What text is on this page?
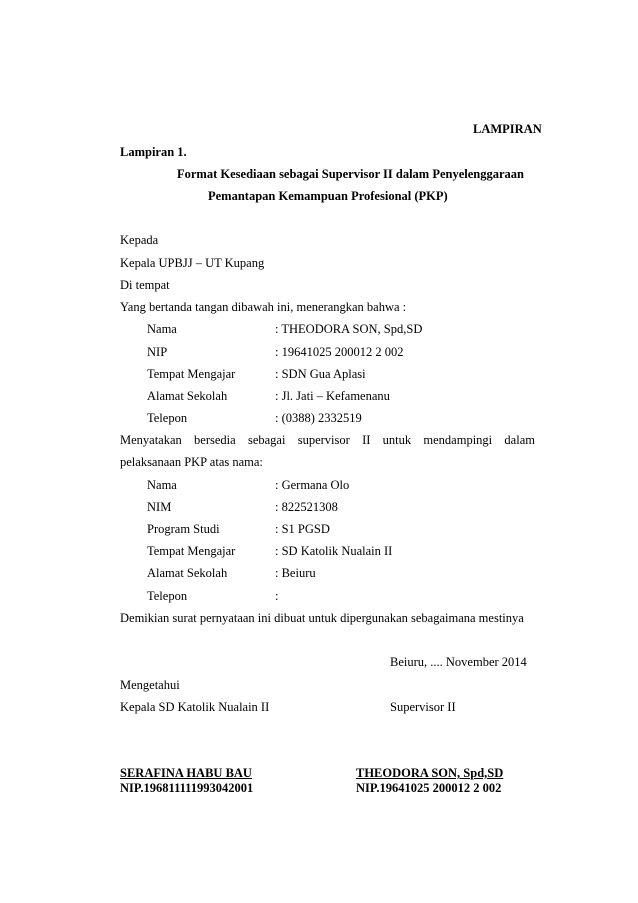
LAMPIRAN
Lampiran 1.
Format Kesediaan sebagai Supervisor II dalam Penyelenggaraan
Pemantapan Kemampuan Profesional (PKP)
Kepada
Kepala UPBJJ – UT Kupang
Di tempat
Yang bertanda tangan dibawah ini, menerangkan bahwa :
Nama	: THEODORA SON, Spd,SD
NIP	: 19641025 200012 2 002
Tempat Mengajar	: SDN Gua Aplasi
Alamat Sekolah	: Jl. Jati – Kefamenanu
Telepon	: (0388) 2332519
Menyatakan bersedia sebagai supervisor II untuk mendampingi dalam
pelaksanaan PKP atas nama:
Nama	: Germana Olo
NIM	: 822521308
Program Studi	: S1 PGSD
Tempat Mengajar	: SD Katolik Nualain II
Alamat Sekolah	: Beiuru
Telepon	:
Demikian surat pernyataan ini dibuat untuk dipergunakan sebagaimana mestinya
Beiuru, .... November 2014
Mengetahui
Kepala SD Katolik Nualain II	Supervisor II
SERAFINA HABU BAU
NIP.196811111993042001
THEODORA SON, Spd,SD
NIP.19641025 200012 2 002
